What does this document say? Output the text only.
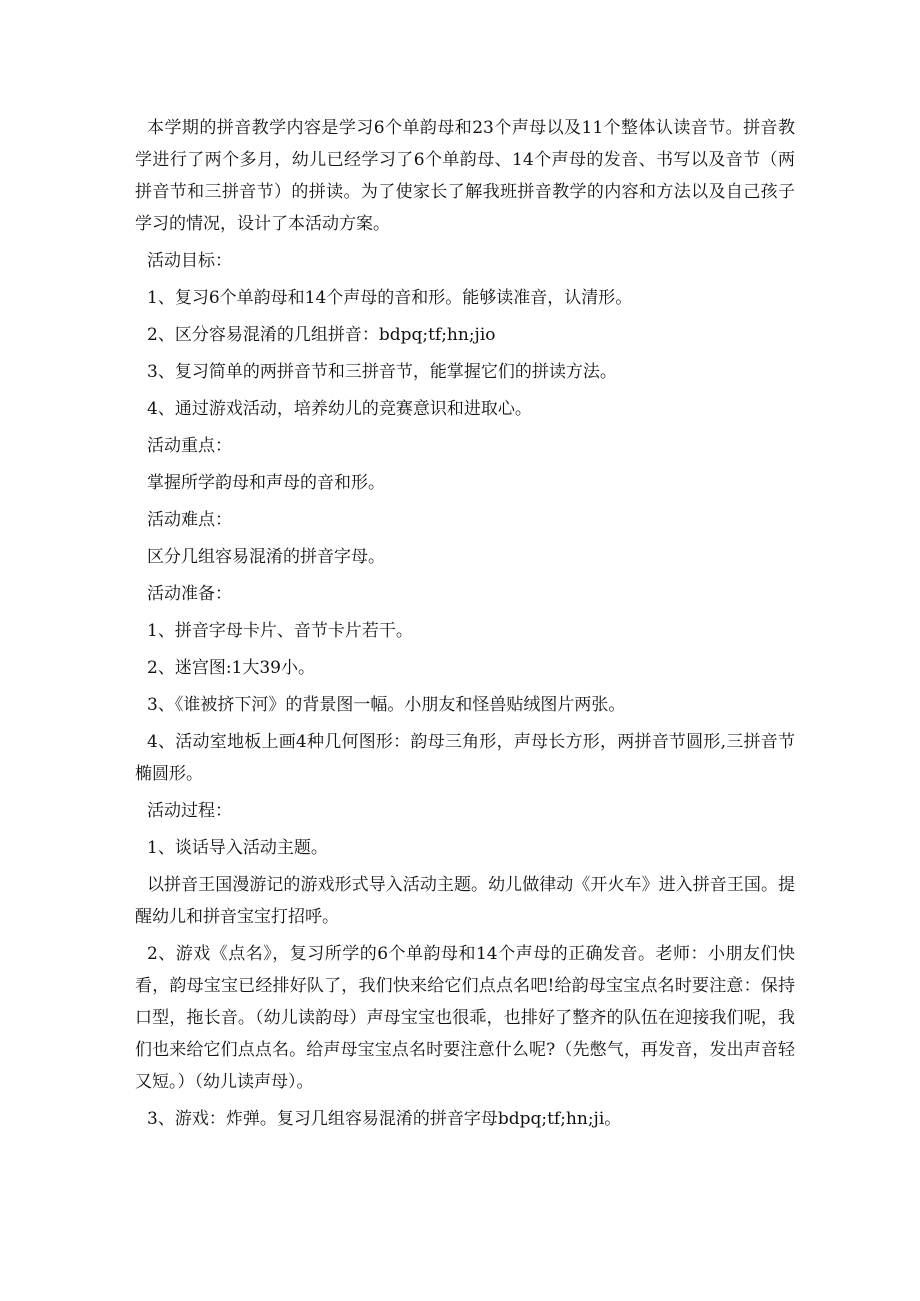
本学期的拼音教学内容是学习6个单韵母和23个声母以及11个整体认读音节。拼音教学进行了两个多月，幼儿已经学习了6个单韵母、14个声母的发音、书写以及音节（两拼音节和三拼音节）的拼读。为了使家长了解我班拼音教学的内容和方法以及自己孩子学习的情况，设计了本活动方案。

活动目标：

1、复习6个单韵母和14个声母的音和形。能够读准音，认清形。

2、区分容易混淆的几组拼音：bdpq;tf;hn;jio

3、复习简单的两拼音节和三拼音节，能掌握它们的拼读方法。

4、通过游戏活动，培养幼儿的竞赛意识和进取心。

活动重点：

掌握所学韵母和声母的音和形。

活动难点：

区分几组容易混淆的拼音字母。

活动准备：

1、拼音字母卡片、音节卡片若干。

2、迷宫图:1大39小。

3、《谁被挤下河》的背景图一幅。小朋友和怪兽贴绒图片两张。

4、活动室地板上画4种几何图形：韵母三角形，声母长方形，两拼音节圆形,三拼音节椭圆形。

活动过程：

1、谈话导入活动主题。

以拼音王国漫游记的游戏形式导入活动主题。幼儿做律动《开火车》进入拼音王国。提醒幼儿和拼音宝宝打招呼。

2、游戏《点名》，复习所学的6个单韵母和14个声母的正确发音。老师：小朋友们快看，韵母宝宝已经排好队了，我们快来给它们点点名吧!给韵母宝宝点名时要注意：保持口型，拖长音。（幼儿读韵母）声母宝宝也很乖，也排好了整齐的队伍在迎接我们呢，我们也来给它们点点名。给声母宝宝点名时要注意什么呢?（先憋气，再发音，发出声音轻又短。）（幼儿读声母）。

3、游戏：炸弹。复习几组容易混淆的拼音字母bdpq;tf;hn;ji。
